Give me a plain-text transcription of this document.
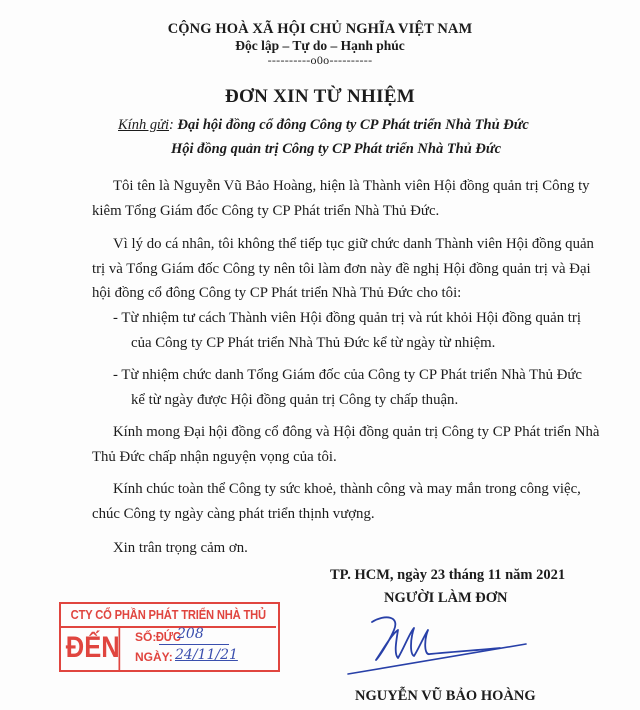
CỘNG HOÀ XÃ HỘI CHỦ NGHĨA VIỆT NAM
Độc lập – Tự do – Hạnh phúc
----------o0o----------
ĐƠN XIN TỪ NHIỆM
Kính gửi: Đại hội đồng cổ đông Công ty CP Phát triển Nhà Thủ Đức
Hội đồng quản trị Công ty CP Phát triển Nhà Thủ Đức
Tôi tên là Nguyễn Vũ Bảo Hoàng, hiện là Thành viên Hội đồng quản trị Công ty
kiêm Tổng Giám đốc Công ty CP Phát triển Nhà Thủ Đức.
Vì lý do cá nhân, tôi không thể tiếp tục giữ chức danh Thành viên Hội đồng quản
trị và Tổng Giám đốc Công ty nên tôi làm đơn này đề nghị Hội đồng quản trị và Đại
hội đồng cổ đông Công ty CP Phát triển Nhà Thủ Đức cho tôi:
- Từ nhiệm tư cách Thành viên Hội đồng quản trị và rút khỏi Hội đồng quản trị
của Công ty CP Phát triển Nhà Thủ Đức kể từ ngày từ nhiệm.
- Từ nhiệm chức danh Tổng Giám đốc của Công ty CP Phát triển Nhà Thủ Đức
kể từ ngày được Hội đồng quản trị Công ty chấp thuận.
Kính mong Đại hội đồng cổ đông và Hội đồng quản trị Công ty CP Phát triển Nhà
Thủ Đức chấp nhận nguyện vọng của tôi.
Kính chúc toàn thể Công ty sức khoẻ, thành công và may mắn trong công việc,
chúc Công ty ngày càng phát triển thịnh vượng.
Xin trân trọng cảm ơn.
TP. HCM, ngày 23 tháng 11 năm 2021
NGƯỜI LÀM ĐƠN
NGUYỄN VŨ BẢO HOÀNG
CTY CỔ PHẦN PHÁT TRIỂN NHÀ THỦ ĐỨC
ĐẾN SỐ: 208
NGÀY: 24/11/21
